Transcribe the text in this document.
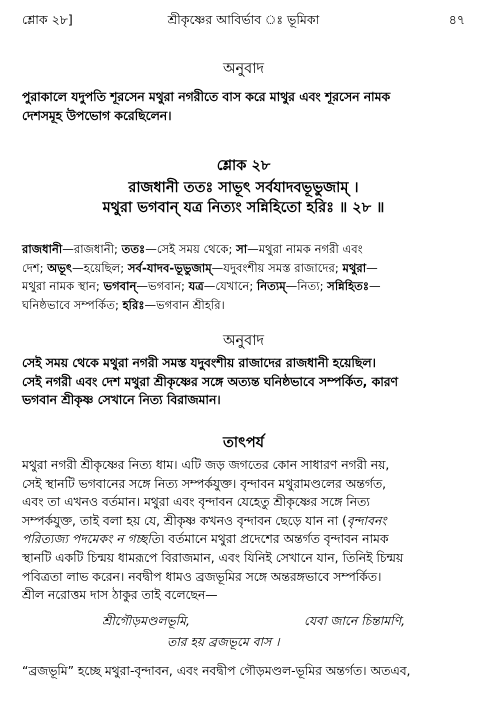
শ্লোক ২৮]	শ্রীকৃষ্ণের আবির্ভাব ঃ ভূমিকা	৪৭
অনুবাদ
পুরাকালে যদুপতি শূরসেন মথুরা নগরীতে বাস করে মাথুর এবং শূরসেন নামক
দেশসমূহ উপভোগ করেছিলেন।
শ্লোক ২৮
রাজধানী ততঃ সাভূৎ সর্বযাদবভূভুজাম্ ।
মথুরা ভগবান্ যত্র নিত্যং সন্নিহিতো হরিঃ ॥ ২৮ ॥
রাজধানী—রাজধানী; ততঃ—সেই সময় থেকে; সা—মথুরা নামক নগরী এবং
দেশ; অভূৎ—হয়েছিল; সর্ব-যাদব-ভূভুজাম্—যদুবংশীয় সমস্ত রাজাদের; মথুরা—
মথুরা নামক স্থান; ভগবান্—ভগবান; যত্র—যেখানে; নিত্যম্—নিত্য; সন্নিহিতঃ—
ঘনিষ্ঠভাবে সম্পর্কিত; হরিঃ—ভগবান শ্রীহরি।
অনুবাদ
সেই সময় থেকে মথুরা নগরী সমস্ত যদুবংশীয় রাজাদের রাজধানী হয়েছিল।
সেই নগরী এবং দেশ মথুরা শ্রীকৃষ্ণের সঙ্গে অত্যন্ত ঘনিষ্ঠভাবে সম্পর্কিত, কারণ
ভগবান শ্রীকৃষ্ণ সেখানে নিত্য বিরাজমান।
তাৎপর্য
মথুরা নগরী শ্রীকৃষ্ণের নিত্য ধাম। এটি জড় জগতের কোন সাধারণ নগরী নয়,
সেই স্থানটি ভগবানের সঙ্গে নিত্য সম্পর্কযুক্ত। বৃন্দাবন মথুরামণ্ডলের অন্তর্গত,
এবং তা এখনও বর্তমান। মথুরা এবং বৃন্দাবন যেহেতু শ্রীকৃষ্ণের সঙ্গে নিত্য
সম্পর্কযুক্ত, তাই বলা হয় যে, শ্রীকৃষ্ণ কখনও বৃন্দাবন ছেড়ে যান না (বৃন্দাবনং
পরিত্যজ্য পদমেকং ন গচ্ছতি। বর্তমানে মথুরা প্রদেশের অন্তর্গত বৃন্দাবন নামক
স্থানটি একটি চিন্ময় ধামরূপে বিরাজমান, এবং যিনিই সেখানে যান, তিনিই চিন্ময়
পবিত্রতা লাভ করেন। নবদ্বীপ ধামও ব্রজভূমির সঙ্গে অন্তরঙ্গভাবে সম্পর্কিত।
শ্রীল নরোত্তম দাস ঠাকুর তাই বলেছেন—
শ্রীগৌড়মণ্ডলভূমি,	যেবা জানে চিন্তামণি,
তার হয় ব্রজভূমে বাস ।
“ব্রজভূমি” হচ্ছে মথুরা-বৃন্দাবন, এবং নবদ্বীপ গৌড়মণ্ডল-ভূমির অন্তর্গত। অতএব,
